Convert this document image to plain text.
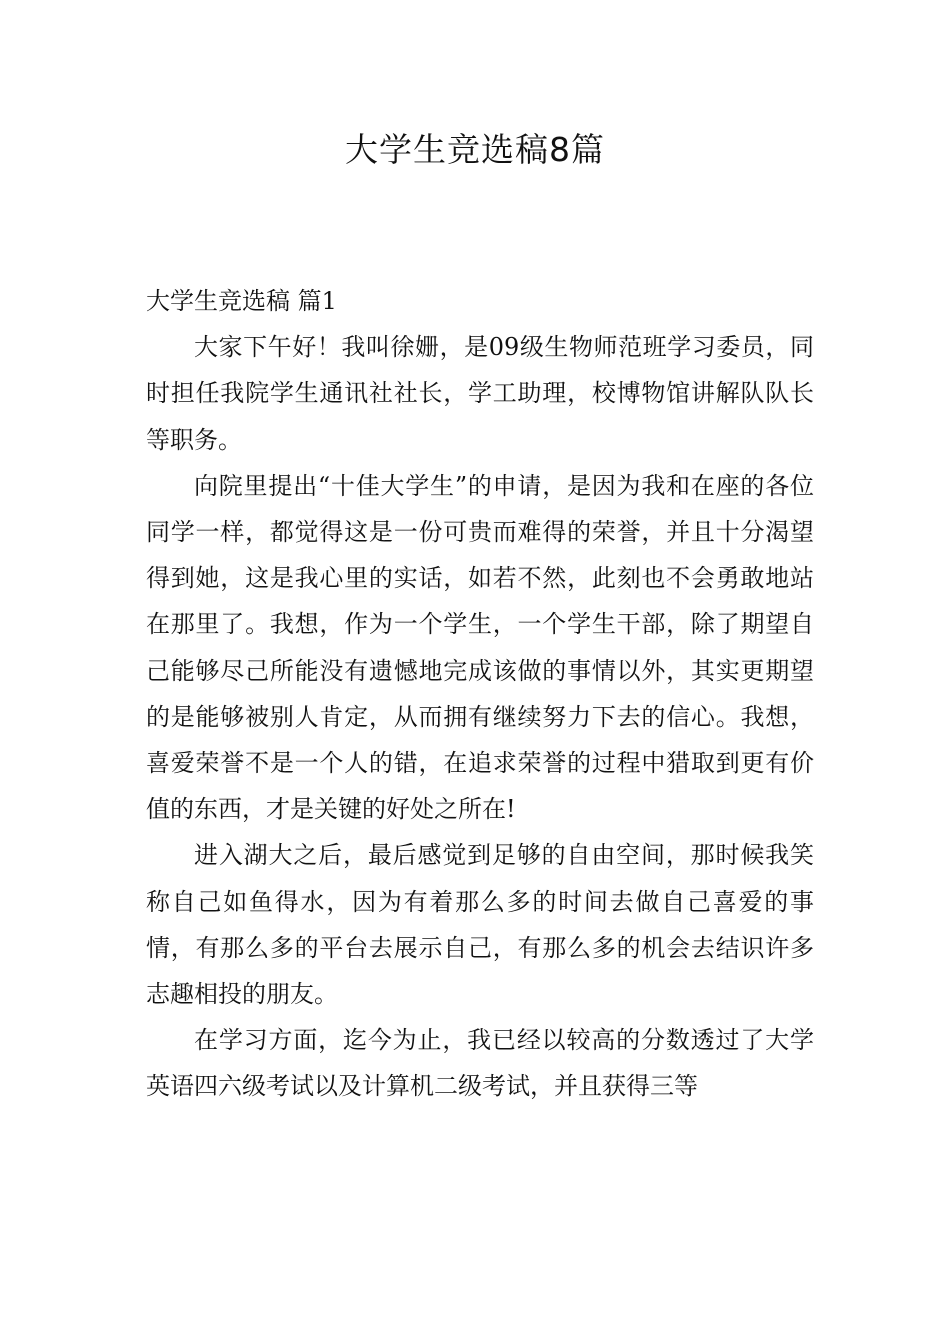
大学生竞选稿8篇
大学生竞选稿 篇1

大家下午好！我叫徐姗，是09级生物师范班学习委员，同时担任我院学生通讯社社长，学工助理，校博物馆讲解队队长等职务。

向院里提出“十佳大学生”的申请，是因为我和在座的各位同学一样，都觉得这是一份可贵而难得的荣誉，并且十分渴望得到她，这是我心里的实话，如若不然，此刻也不会勇敢地站在那里了。我想，作为一个学生，一个学生干部，除了期望自己能够尽己所能没有遗憾地完成该做的事情以外，其实更期望的是能够被别人肯定，从而拥有继续努力下去的信心。我想，喜爱荣誉不是一个人的错，在追求荣誉的过程中猎取到更有价值的东西，才是关键的好处之所在!

进入湖大之后，最后感觉到足够的自由空间，那时候我笑称自己如鱼得水，因为有着那么多的时间去做自己喜爱的事情，有那么多的平台去展示自己，有那么多的机会去结识许多志趣相投的朋友。

在学习方面，迄今为止，我已经以较高的分数透过了大学英语四六级考试以及计算机二级考试，并且获得三等
